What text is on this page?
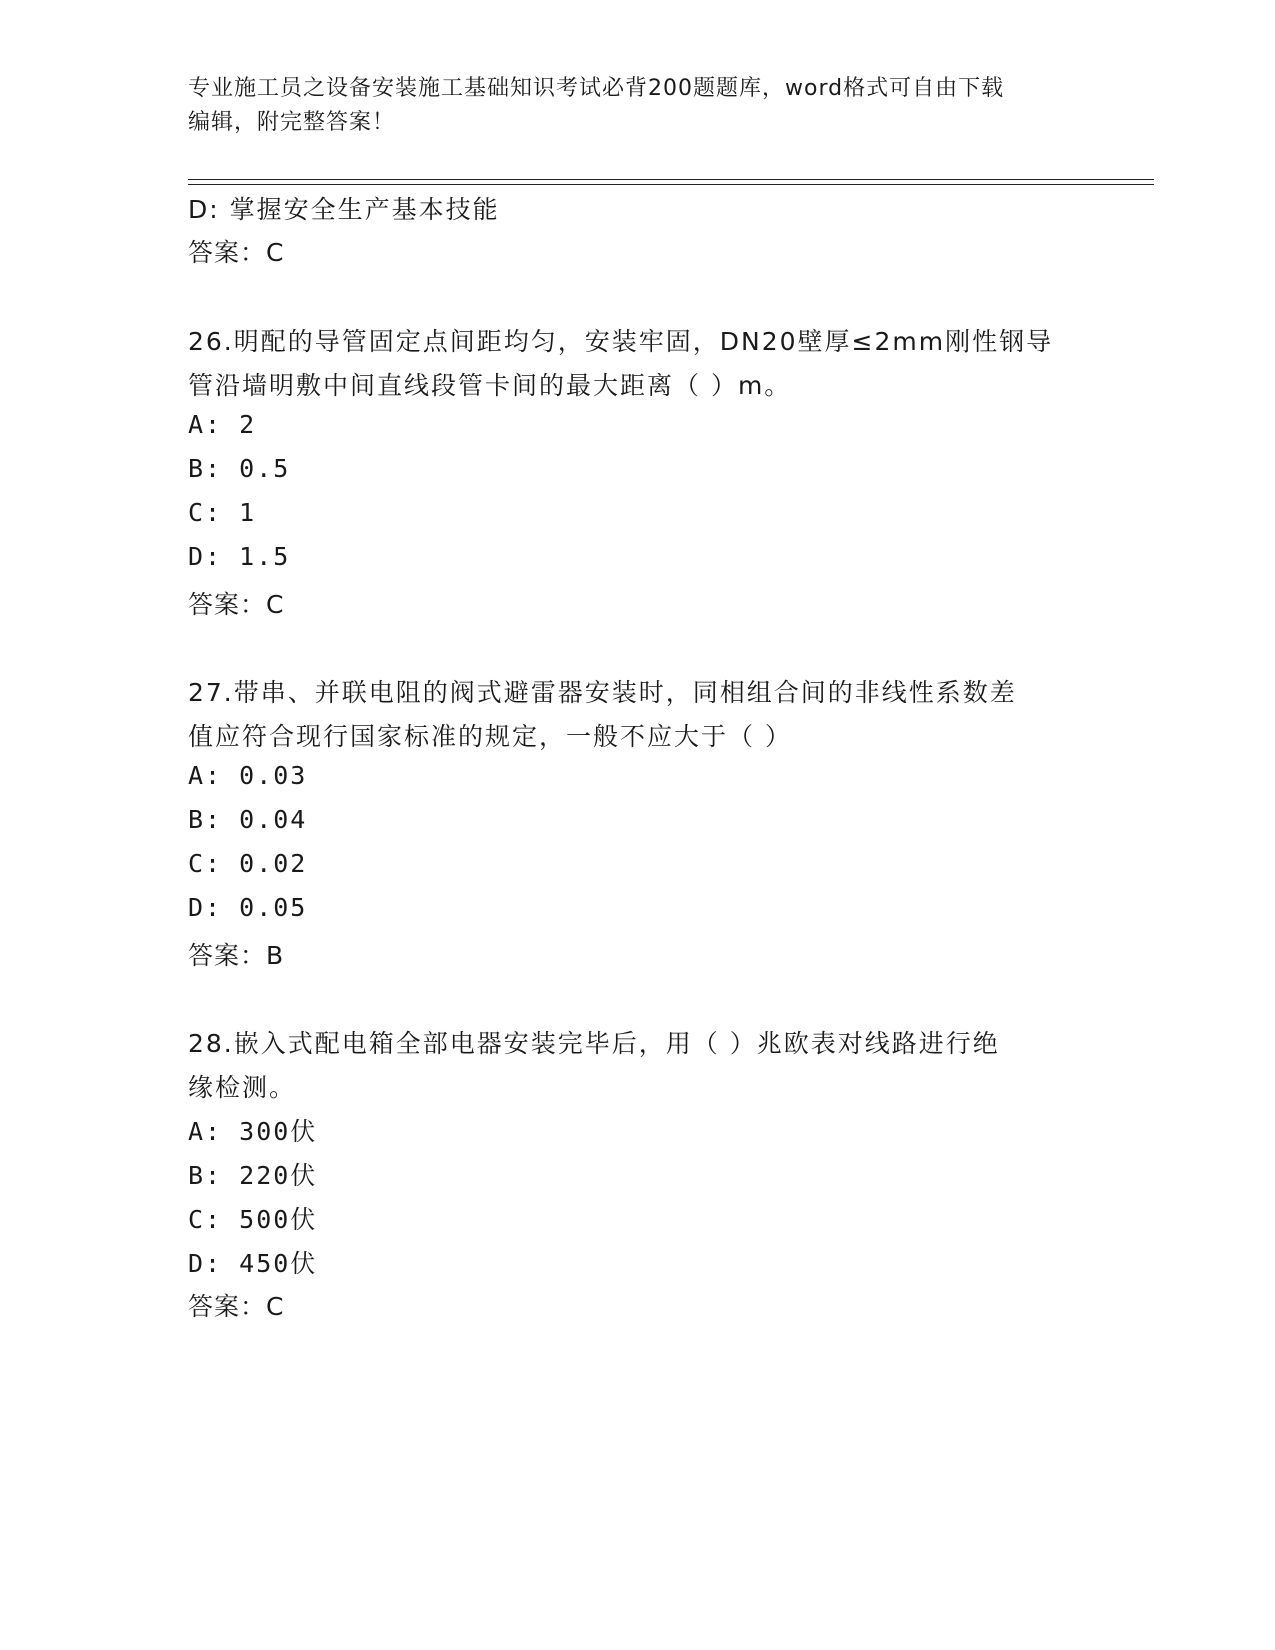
专业施工员之设备安装施工基础知识考试必背200题题库，word格式可自由下载
编辑，附完整答案！
D: 掌握安全生产基本技能
答案：C
26.明配的导管固定点间距均匀，安装牢固，DN20壁厚≤2mm刚性钢导
管沿墙明敷中间直线段管卡间的最大距离（ ）m。
A: 2
B: 0.5
C: 1
D: 1.5
答案：C
27.带串、并联电阻的阀式避雷器安装时，同相组合间的非线性系数差
值应符合现行国家标准的规定，一般不应大于（ ）
A: 0.03
B: 0.04
C: 0.02
D: 0.05
答案：B
28.嵌入式配电箱全部电器安装完毕后，用（ ）兆欧表对线路进行绝
缘检测。
A: 300伏
B: 220伏
C: 500伏
D: 450伏
答案：C
